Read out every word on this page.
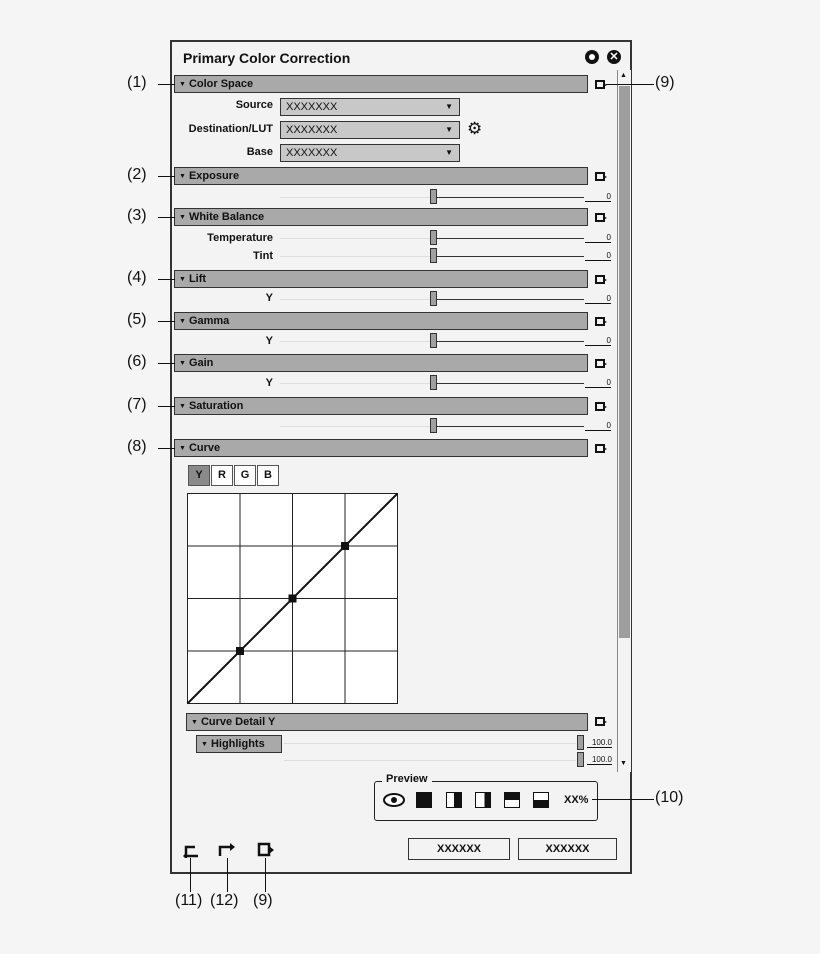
Primary Color Correction	✕
▲
▼
▼ Color Space
Source	XXXXXXX	▼
Destination/LUT	XXXXXXX	▼ ⚙
Base	XXXXXXX	▼
▼ Exposure
0
▼ White Balance
Temperature	0
Tint	0
▼ Lift
Y	0
▼ Gamma
Y	0
▼ Gain
Y	0
▼ Saturation
0
▼ Curve
Y	R	G	B
▼ Curve Detail Y
▼ Highlights	100.0
100.0
Preview
XX%
XXXXXX	XXXXXX
(1)
(2)
(3)
(4)
(5)
(6)
(7)
(8)
(9)
(10)
(11) (12) (9)
